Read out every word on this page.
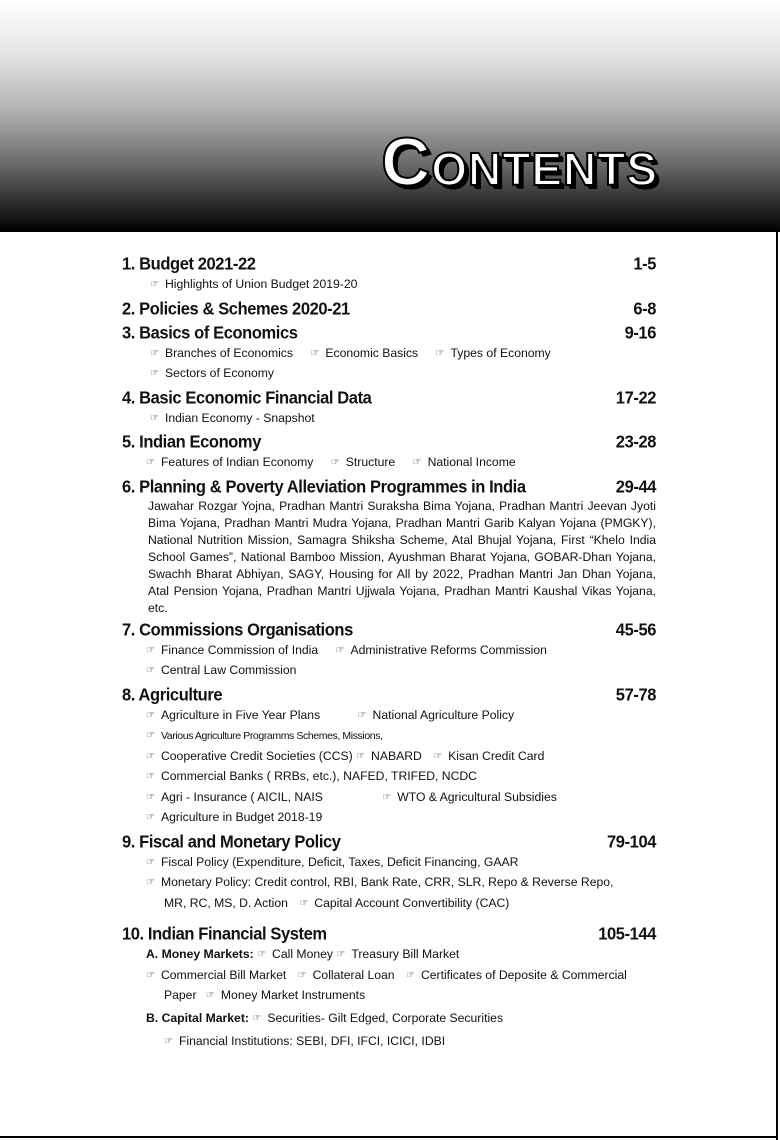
CONTENTS
1. Budget 2021-22	1-5
☞ Highlights of Union Budget 2019-20
2. Policies & Schemes 2020-21	6-8
3. Basics of Economics	9-16
☞ Branches of Economics ☞ Economic Basics ☞ Types of Economy
☞ Sectors of Economy
4. Basic Economic Financial Data	17-22
☞ Indian Economy - Snapshot
5. Indian Economy	23-28
☞ Features of Indian Economy ☞ Structure ☞ National Income
6. Planning & Poverty Alleviation Programmes in India	29-44
Jawahar Rozgar Yojna, Pradhan Mantri Suraksha Bima Yojana, Pradhan Mantri Jeevan Jyoti Bima Yojana, Pradhan Mantri Mudra Yojana, Pradhan Mantri Garib Kalyan Yojana (PMGKY), National Nutrition Mission, Samagra Shiksha Scheme, Atal Bhujal Yojana, First “Khelo India School Games”, National Bamboo Mission, Ayushman Bharat Yojana, GOBAR-Dhan Yojana, Swachh Bharat Abhiyan, SAGY, Housing for All by 2022, Pradhan Mantri Jan Dhan Yojana, Atal Pension Yojana, Pradhan Mantri Ujjwala Yojana, Pradhan Mantri Kaushal Vikas Yojana, etc.
7. Commissions Organisations	45-56
☞ Finance Commission of India ☞ Administrative Reforms Commission
☞ Central Law Commission
8. Agriculture	57-78
☞ Agriculture in Five Year Plans	☞ National Agriculture Policy
☞ Various Agriculture Programms Schemes, Missions,
☞ Cooperative Credit Societies (CCS) ☞ NABARD ☞ Kisan Credit Card
☞ Commercial Banks ( RRBs, etc.), NAFED, TRIFED, NCDC
☞ Agri - Insurance ( AICIL, NAIS	☞ WTO & Agricultural Subsidies
☞ Agriculture in Budget 2018-19
9. Fiscal and Monetary Policy	79-104
☞ Fiscal Policy (Expenditure, Deficit, Taxes, Deficit Financing, GAAR
☞ Monetary Policy: Credit control, RBI, Bank Rate, CRR, SLR, Repo & Reverse Repo,
MR, RC, MS, D. Action ☞ Capital Account Convertibility (CAC)
10. Indian Financial System	105-144
A. Money Markets: ☞ Call Money ☞ Treasury Bill Market
☞ Commercial Bill Market ☞ Collateral Loan ☞ Certificates of Deposite & Commercial
Paper ☞ Money Market Instruments
B. Capital Market: ☞ Securities- Gilt Edged, Corporate Securities
☞ Financial Institutions: SEBI, DFI, IFCI, ICICI, IDBI
